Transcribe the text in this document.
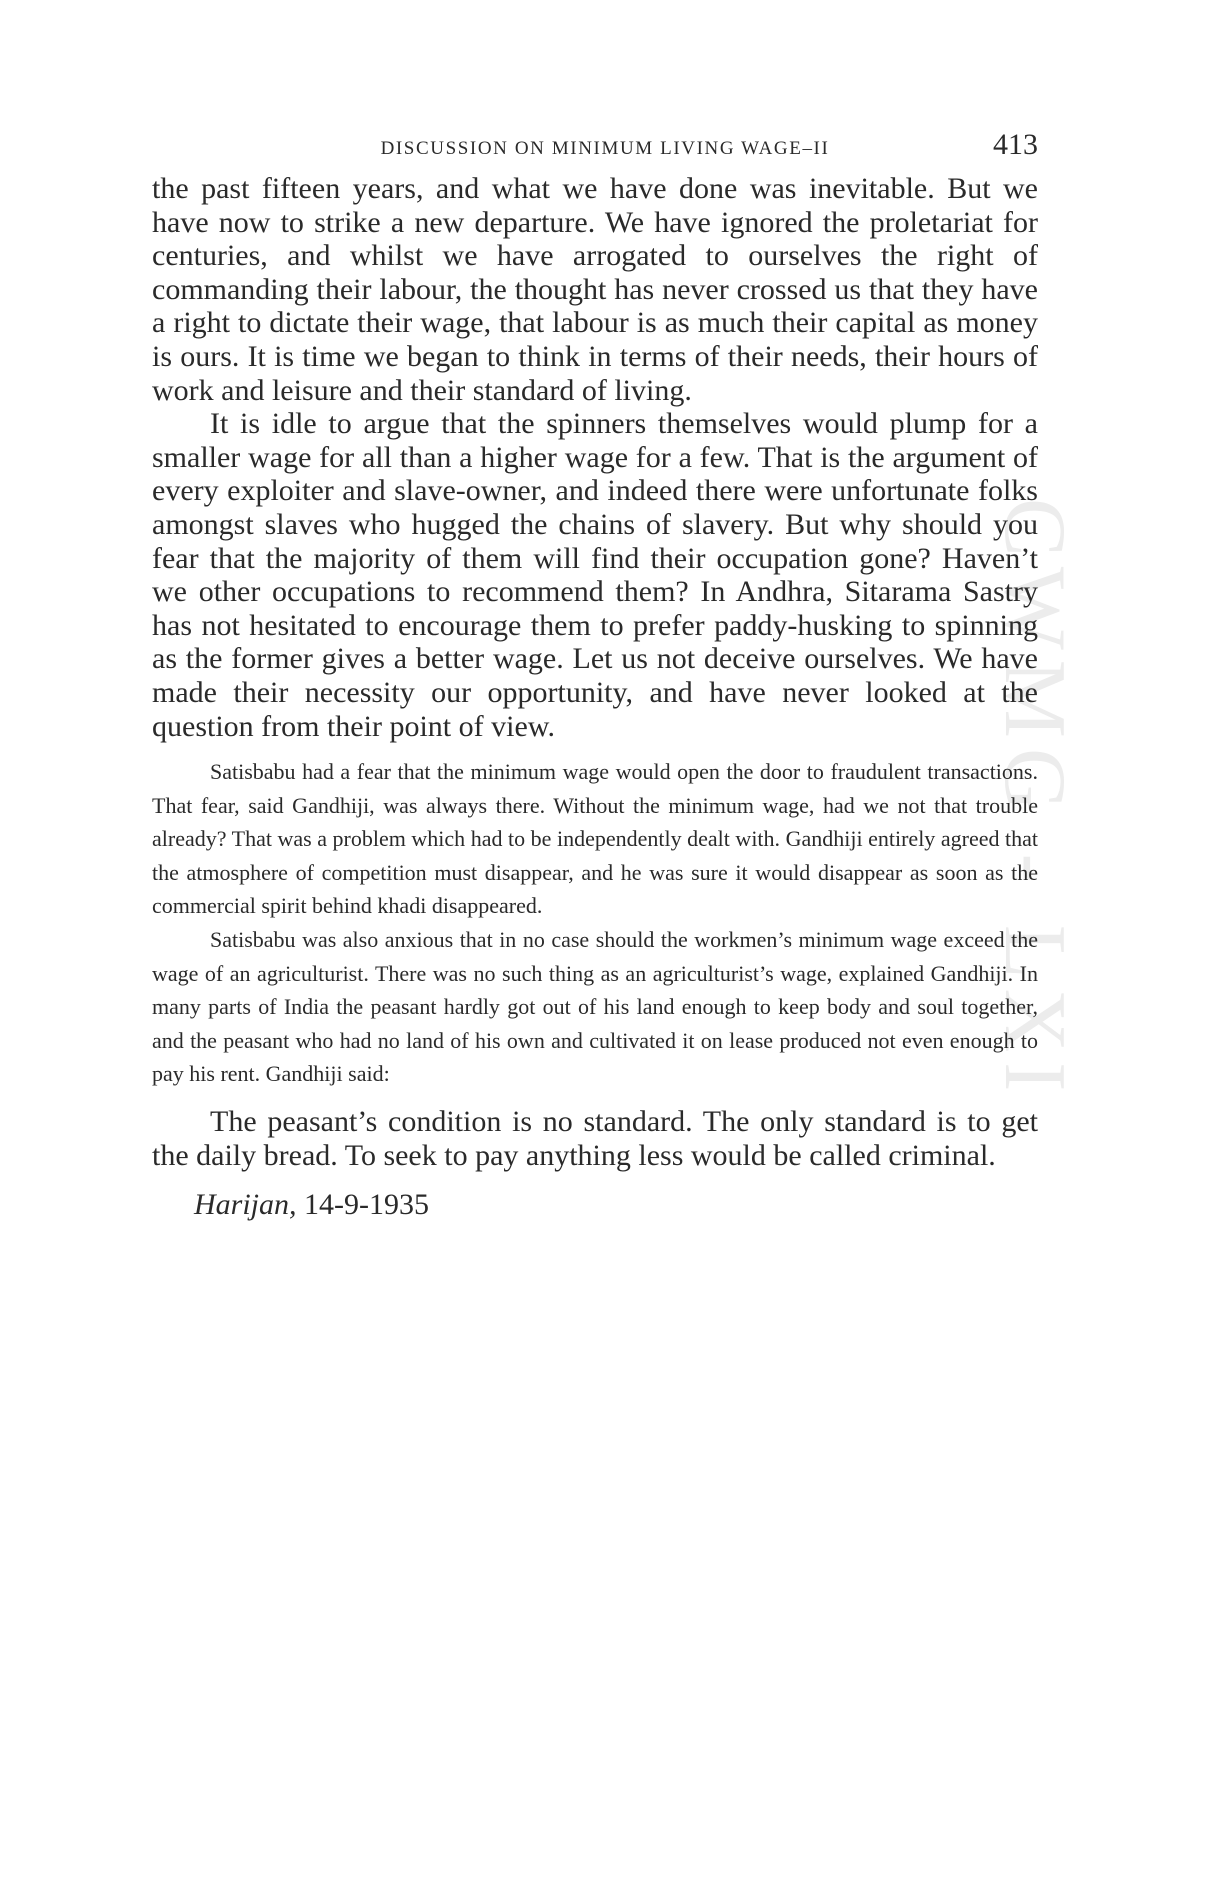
CWMG - LXI
DISCUSSION ON MINIMUM LIVING WAGE–II	413

the past fifteen years, and what we have done was inevitable. But we have now to strike a new departure. We have ignored the proletariat for centuries, and whilst we have arrogated to ourselves the right of commanding their labour, the thought has never crossed us that they have a right to dictate their wage, that labour is as much their capital as money is ours. It is time we began to think in terms of their needs, their hours of work and leisure and their standard of living.

It is idle to argue that the spinners themselves would plump for a smaller wage for all than a higher wage for a few. That is the argument of every exploiter and slave-owner, and indeed there were unfortunate folks amongst slaves who hugged the chains of slavery. But why should you fear that the majority of them will find their occupation gone? Haven’t we other occupations to recommend them? In Andhra, Sitarama Sastry has not hesitated to encourage them to prefer paddy-husking to spinning as the former gives a better wage. Let us not deceive ourselves. We have made their necessity our opportunity, and have never looked at the question from their point of view.

Satisbabu had a fear that the minimum wage would open the door to fraudulent transactions. That fear, said Gandhiji, was always there. Without the minimum wage, had we not that trouble already? That was a problem which had to be independently dealt with. Gandhiji entirely agreed that the atmosphere of competition must disappear, and he was sure it would disappear as soon as the commercial spirit behind khadi disappeared.

Satisbabu was also anxious that in no case should the workmen’s minimum wage exceed the wage of an agriculturist. There was no such thing as an agriculturist’s wage, explained Gandhiji. In many parts of India the peasant hardly got out of his land enough to keep body and soul together, and the peasant who had no land of his own and cultivated it on lease produced not even enough to pay his rent. Gandhiji said:

The peasant’s condition is no standard. The only standard is to get the daily bread. To seek to pay anything less would be called criminal.

Harijan, 14-9-1935
